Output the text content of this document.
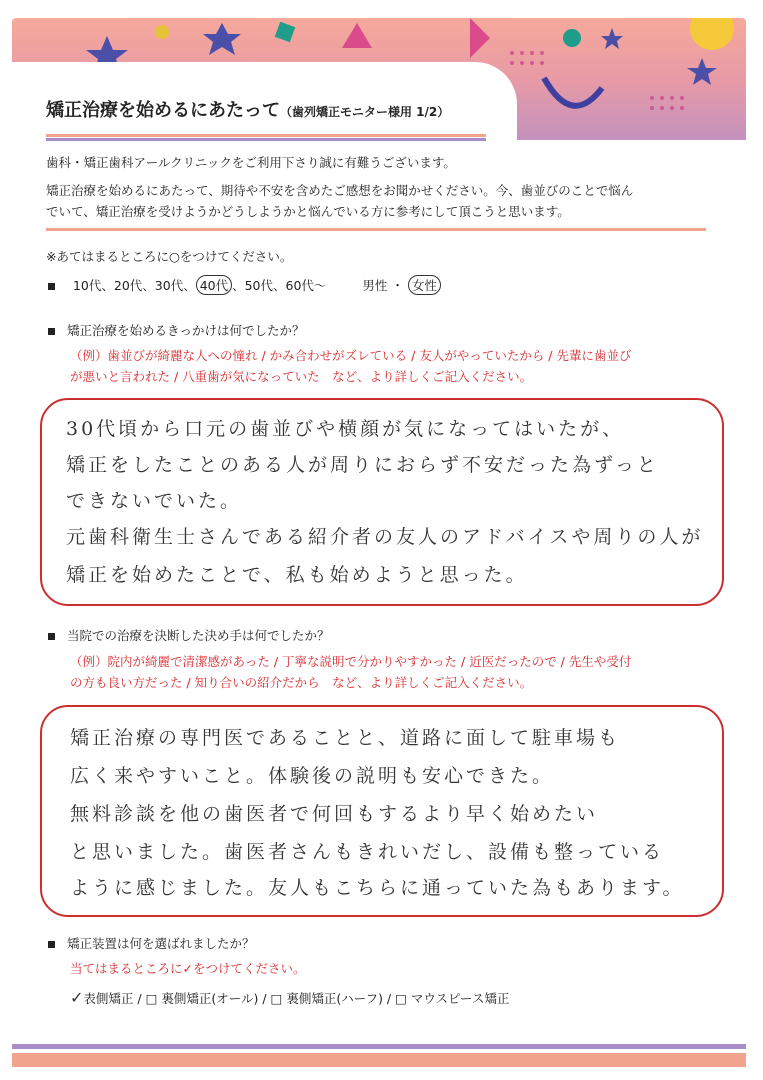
矯正治療を始めるにあたって（歯列矯正モニター様用 1/2）
歯科・矯正歯科アールクリニックをご利用下さり誠に有難うございます。
矯正治療を始めるにあたって、期待や不安を含めたご感想をお聞かせください。今、歯並びのことで悩ん
でいて、矯正治療を受けようかどうしようかと悩んでいる方に参考にして頂こうと思います。
※あてはまるところに○をつけてください。
10代、20代、30代、 40代 、50代、60代～	男性 ・ 女性
矯正治療を始めるきっかけは何でしたか？
（例）歯並びが綺麗な人への憧れ / かみ合わせがズレている / 友人がやっていたから / 先輩に歯並び
が悪いと言われた / 八重歯が気になっていた　など、より詳しくご記入ください。
30代頃から口元の歯並びや横顔が気になってはいたが、
矯正をしたことのある人が周りにおらず不安だった為ずっと
できないでいた。
元歯科衛生士さんである紹介者の友人のアドバイスや周りの人が
矯正を始めたことで、私も始めようと思った。
当院での治療を決断した決め手は何でしたか？
（例）院内が綺麗で清潔感があった / 丁寧な説明で分かりやすかった / 近医だったので / 先生や受付
の方も良い方だった / 知り合いの紹介だから　など、より詳しくご記入ください。
矯正治療の専門医であることと、道路に面して駐車場も
広く来やすいこと。体験後の説明も安心できた。
無料診談を他の歯医者で何回もするより早く始めたい
と思いました。歯医者さんもきれいだし、設備も整っている
ように感じました。友人もこちらに通っていた為もあります。
矯正装置は何を選ばれましたか？
当てはまるところに✓をつけてください。
✓表側矯正 / □ 裏側矯正(オール) / □ 裏側矯正(ハーフ) / □ マウスピース矯正
